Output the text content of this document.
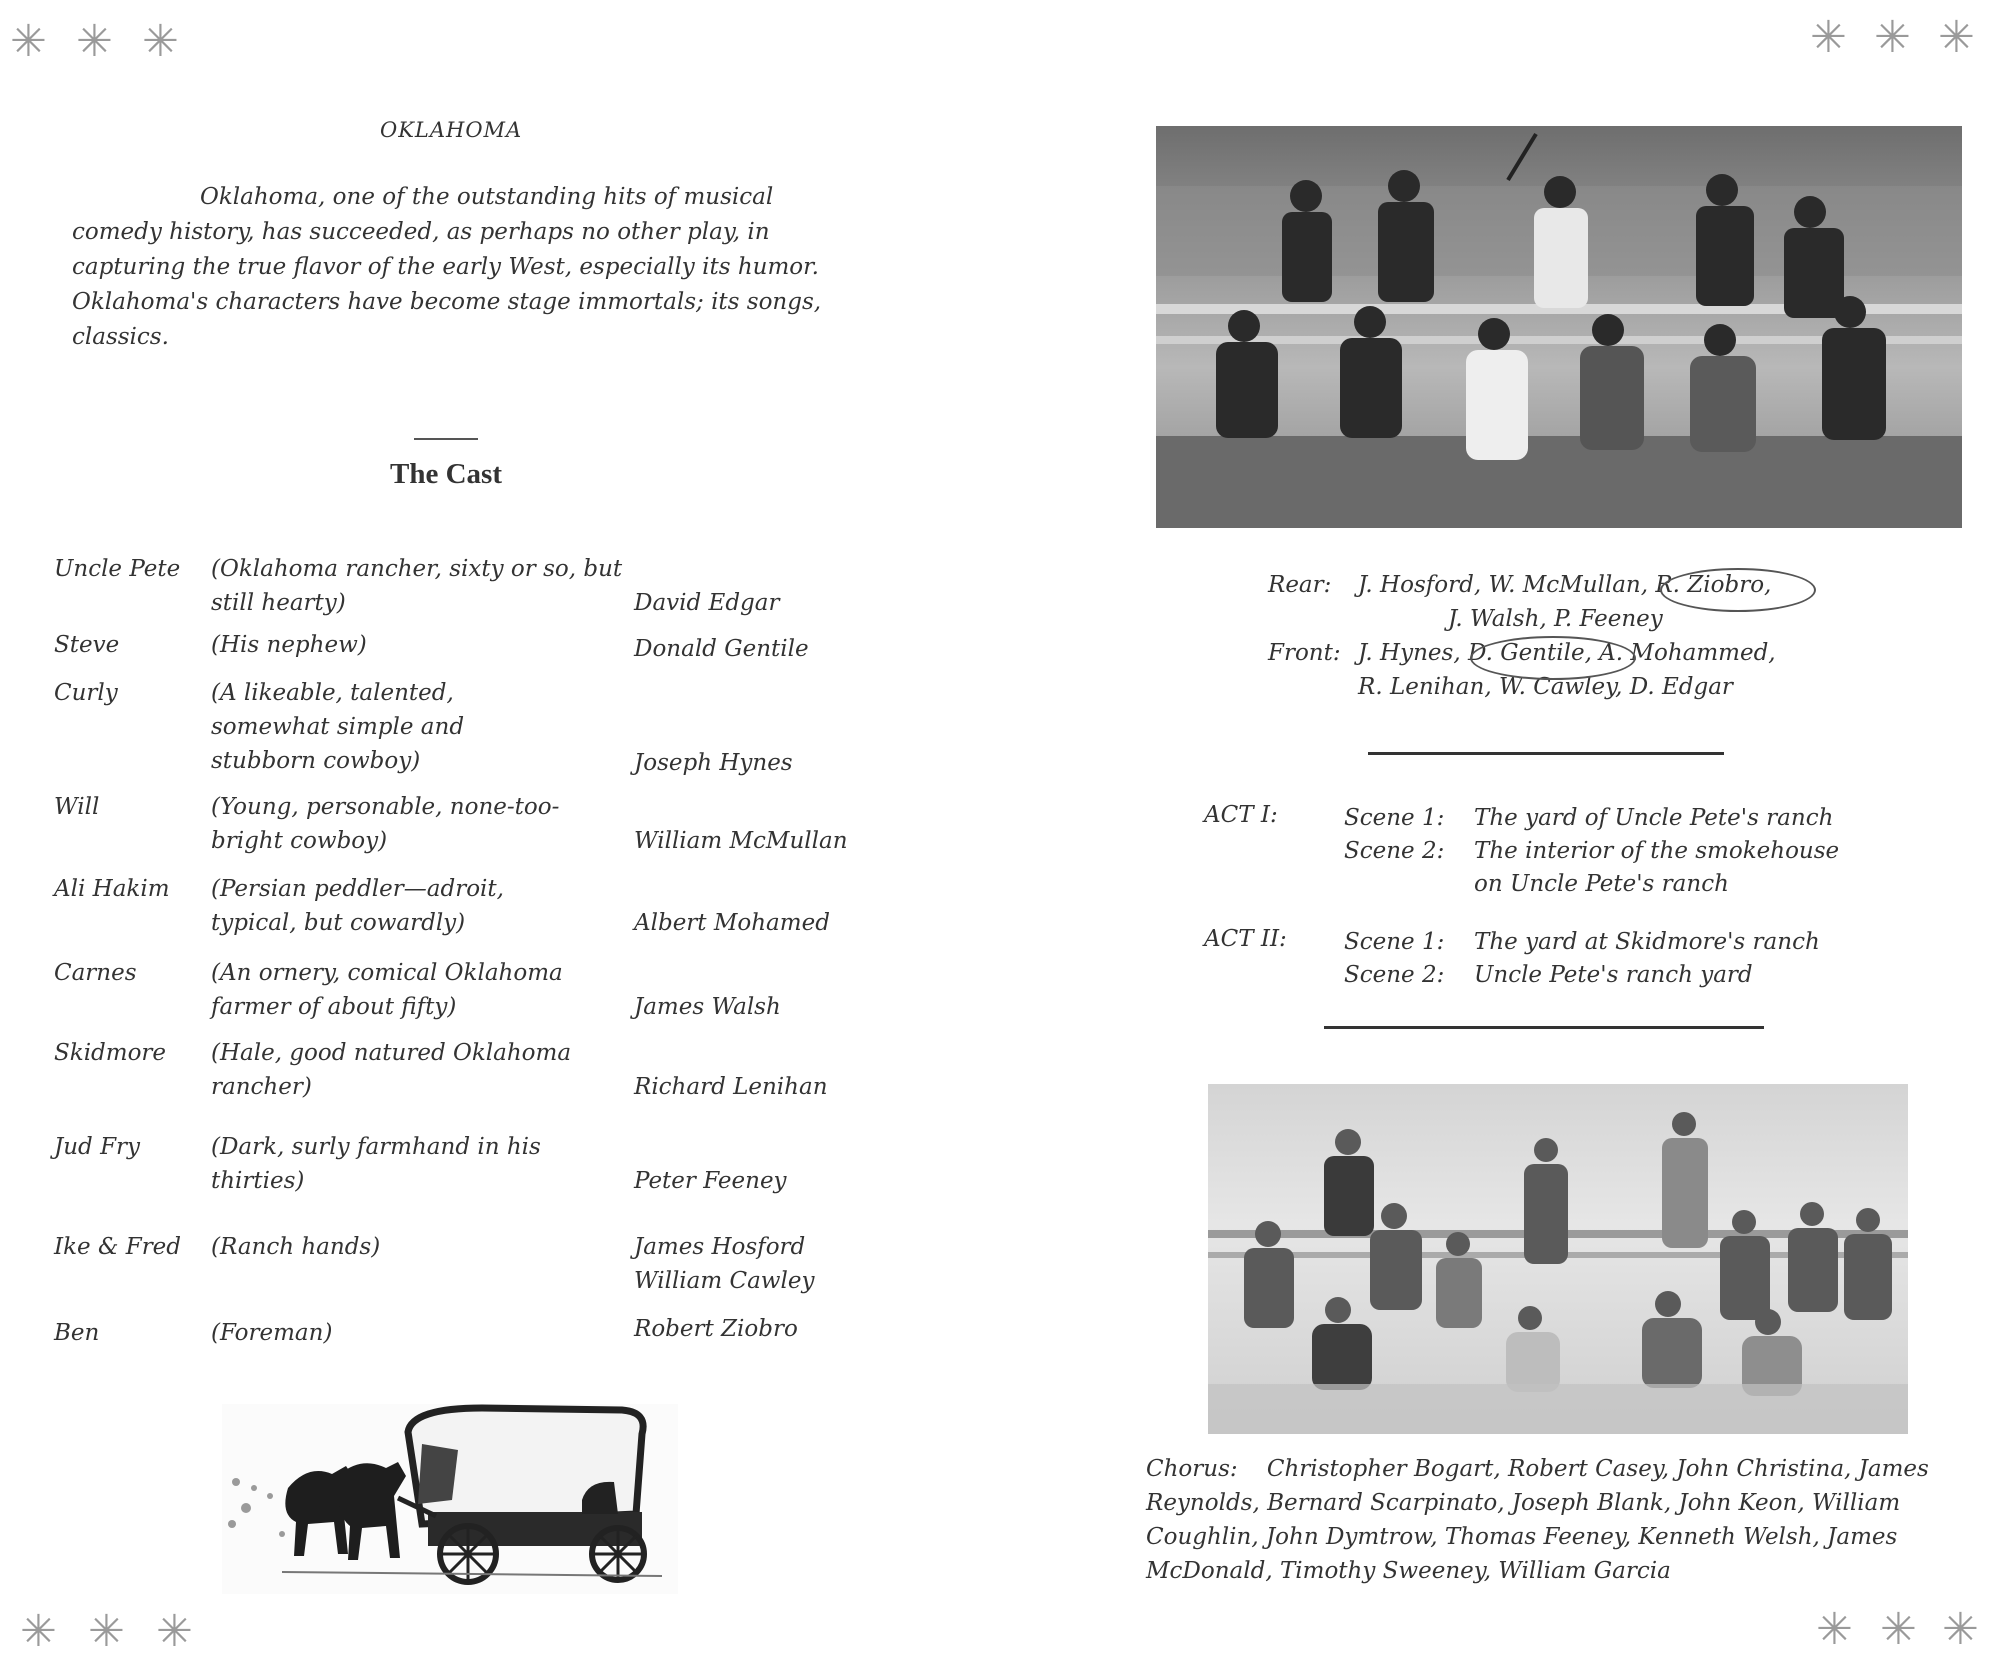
✳ ✳ ✳	✳ ✳ ✳
✳ ✳ ✳	✳ ✳ ✳
OKLAHOMA

Oklahoma, one of the outstanding hits of musical comedy history, has succeeded, as perhaps no other play, in capturing the true flavor of the early West, especially its humor. Oklahoma's characters have become stage immortals; its songs, classics.

The Cast
Uncle Pete	(Oklahoma rancher, sixty or so, but still hearty)	David Edgar
Steve	(His nephew)	Donald Gentile
Curly	(A likeable, talented, somewhat simple and stubborn cowboy)	Joseph Hynes
Will	(Young, personable, none-too-bright cowboy)	William McMullan
Ali Hakim	(Persian peddler—adroit, typical, but cowardly)	Albert Mohamed
Carnes	(An ornery, comical Oklahoma farmer of about fifty)	James Walsh
Skidmore	(Hale, good natured Oklahoma rancher)	Richard Lenihan
Jud Fry	(Dark, surly farmhand in his thirties)	Peter Feeney
Ike & Fred	(Ranch hands)	James Hosford
William Cawley
Ben	(Foreman)	Robert Ziobro
Rear: J. Hosford, W. McMullan, R. Ziobro,
J. Walsh, P. Feeney
Front: J. Hynes, D. Gentile, A. Mohammed,
R. Lenihan, W. Cawley, D. Edgar
ACT I:	Scene 1: The yard of Uncle Pete's ranch
Scene 2: The interior of the smokehouse
on Uncle Pete's ranch
ACT II: Scene 1: The yard at Skidmore's ranch
Scene 2: Uncle Pete's ranch yard
Chorus: Christopher Bogart, Robert Casey, John Christina, James Reynolds, Bernard Scarpinato, Joseph Blank, John Keon, William Coughlin, John Dymtrow, Thomas Feeney, Kenneth Welsh, James McDonald, Timothy Sweeney, William Garcia
